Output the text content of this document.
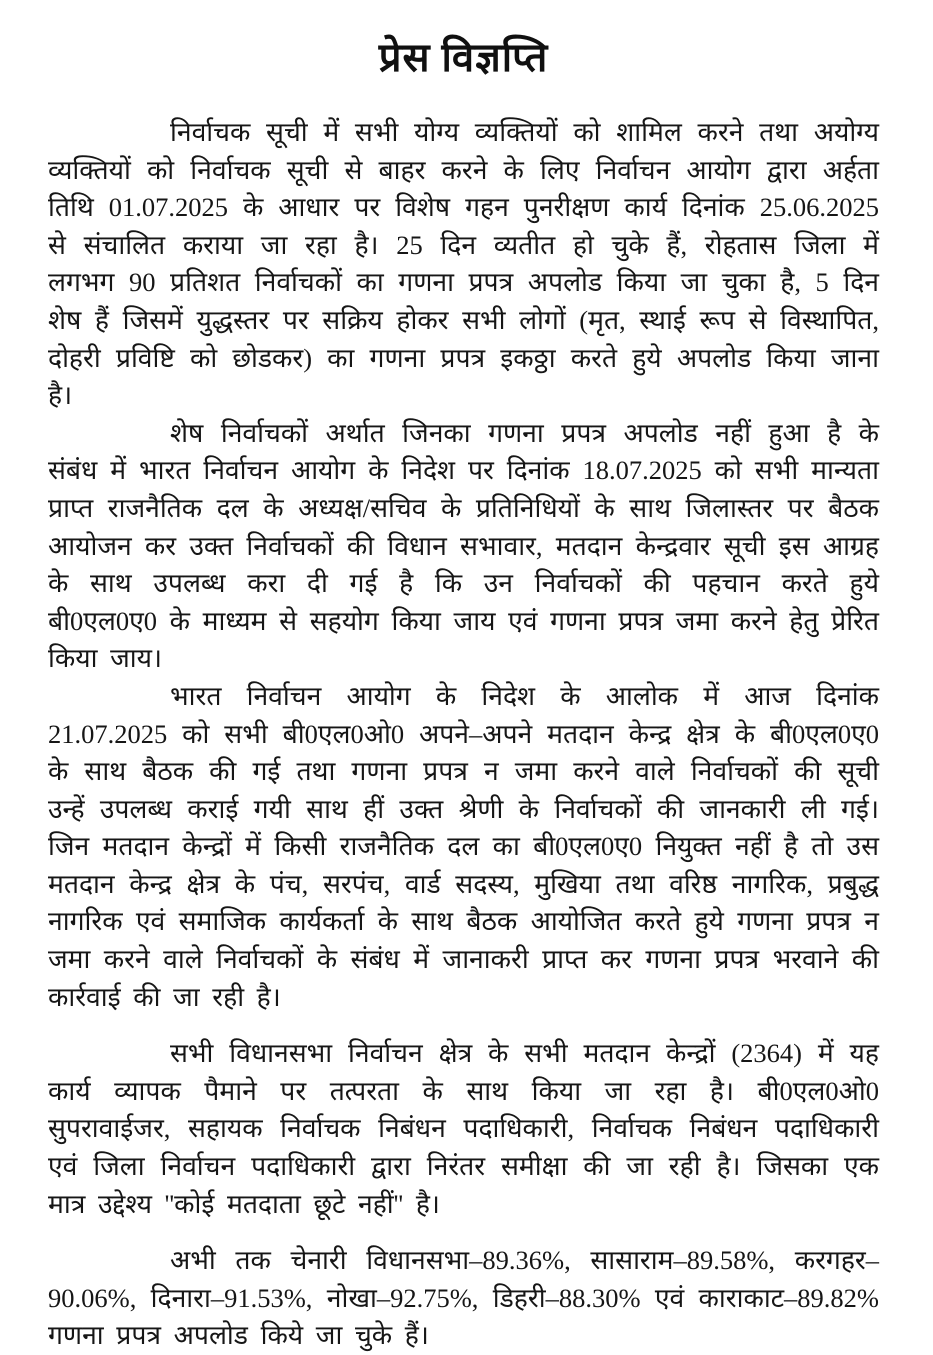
प्रेस विज्ञप्ति

निर्वाचक सूची में सभी योग्य व्यक्तियों को शामिल करने तथा अयोग्य व्यक्तियों को निर्वाचक सूची से बाहर करने के लिए निर्वाचन आयोग द्वारा अर्हता तिथि 01.07.2025 के आधार पर विशेष गहन पुनरीक्षण कार्य दिनांक 25.06.2025 से संचालित कराया जा रहा है। 25 दिन व्यतीत हो चुके हैं, रोहतास जिला में लगभग 90 प्रतिशत निर्वाचकों का गणना प्रपत्र अपलोड किया जा चुका है, 5 दिन शेष हैं जिसमें युद्धस्तर पर सक्रिय होकर सभी लोगों (मृत, स्थाई रूप से विस्थापित, दोहरी प्रविष्टि को छोडकर) का गणना प्रपत्र इकठ्ठा करते हुये अपलोड किया जाना है।

शेष निर्वाचकों अर्थात जिनका गणना प्रपत्र अपलोड नहीं हुआ है के संबंध में भारत निर्वाचन आयोग के निदेश पर दिनांक 18.07.2025 को सभी मान्यता प्राप्त राजनैतिक दल के अध्यक्ष/सचिव के प्रतिनिधियों के साथ जिलास्तर पर बैठक आयोजन कर उक्त निर्वाचकों की विधान सभावार, मतदान केन्द्रवार सूची इस आग्रह के साथ उपलब्ध करा दी गई है कि उन निर्वाचकों की पहचान करते हुये बी0एल0ए0 के माध्यम से सहयोग किया जाय एवं गणना प्रपत्र जमा करने हेतु प्रेरित किया जाय।

भारत निर्वाचन आयोग के निदेश के आलोक में आज दिनांक 21.07.2025 को सभी बी0एल0ओ0 अपने–अपने मतदान केन्द्र क्षेत्र के बी0एल0ए0 के साथ बैठक की गई तथा गणना प्रपत्र न जमा करने वाले निर्वाचकों की सूची उन्हें उपलब्ध कराई गयी साथ हीं उक्त श्रेणी के निर्वाचकों की जानकारी ली गई। जिन मतदान केन्द्रों में किसी राजनैतिक दल का बी0एल0ए0 नियुक्त नहीं है तो उस मतदान केन्द्र क्षेत्र के पंच, सरपंच, वार्ड सदस्य, मुखिया तथा वरिष्ठ नागरिक, प्रबुद्ध नागरिक एवं समाजिक कार्यकर्ता के साथ बैठक आयोजित करते हुये गणना प्रपत्र न जमा करने वाले निर्वाचकों के संबंध में जानाकरी प्राप्त कर गणना प्रपत्र भरवाने की कार्रवाई की जा रही है।

सभी विधानसभा निर्वाचन क्षेत्र के सभी मतदान केन्द्रों (2364) में यह कार्य व्यापक पैमाने पर तत्परता के साथ किया जा रहा है। बी0एल0ओ0 सुपरावाईजर, सहायक निर्वाचक निबंधन पदाधिकारी, निर्वाचक निबंधन पदाधिकारी एवं जिला निर्वाचन पदाधिकारी द्वारा निरंतर समीक्षा की जा रही है। जिसका एक मात्र उद्देश्य ''कोई मतदाता छूटे नहीं'' है।

अभी तक चेनारी विधानसभा–89.36%, सासाराम–89.58%, करगहर–90.06%, दिनारा–91.53%, नोखा–92.75%, डिहरी–88.30% एवं काराकाट–89.82% गणना प्रपत्र अपलोड किये जा चुके हैं।
